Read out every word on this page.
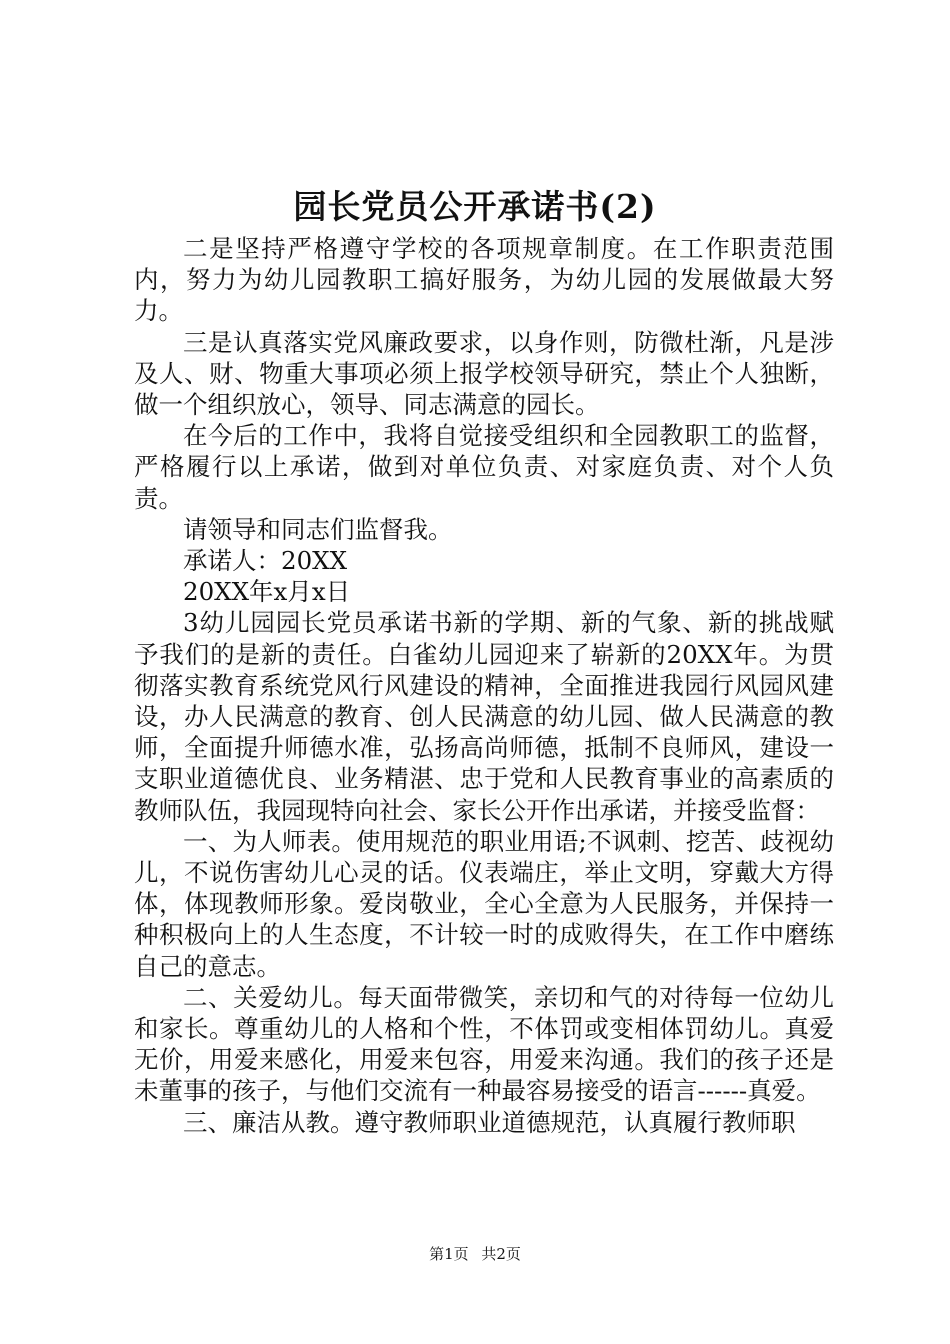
园长党员公开承诺书(2)

二是坚持严格遵守学校的各项规章制度。在工作职责范围内，努力为幼儿园教职工搞好服务，为幼儿园的发展做最大努力。

三是认真落实党风廉政要求，以身作则，防微杜渐，凡是涉及人、财、物重大事项必须上报学校领导研究，禁止个人独断，做一个组织放心，领导、同志满意的园长。

在今后的工作中，我将自觉接受组织和全园教职工的监督，严格履行以上承诺，做到对单位负责、对家庭负责、对个人负责。

请领导和同志们监督我。

承诺人：20XX

20XX年x月x日

3幼儿园园长党员承诺书新的学期、新的气象、新的挑战赋予我们的是新的责任。白雀幼儿园迎来了崭新的20XX年。为贯彻落实教育系统党风行风建设的精神，全面推进我园行风园风建设，办人民满意的教育、创人民满意的幼儿园、做人民满意的教师，全面提升师德水准，弘扬高尚师德，抵制不良师风，建设一支职业道德优良、业务精湛、忠于党和人民教育事业的高素质的教师队伍，我园现特向社会、家长公开作出承诺，并接受监督：

一、为人师表。使用规范的职业用语;不讽刺、挖苦、歧视幼儿，不说伤害幼儿心灵的话。仪表端庄，举止文明，穿戴大方得体，体现教师形象。爱岗敬业，全心全意为人民服务，并保持一种积极向上的人生态度，不计较一时的成败得失，在工作中磨练自己的意志。

二、关爱幼儿。每天面带微笑，亲切和气的对待每一位幼儿和家长。尊重幼儿的人格和个性，不体罚或变相体罚幼儿。真爱无价，用爱来感化，用爱来包容，用爱来沟通。我们的孩子还是未董事的孩子，与他们交流有一种最容易接受的语言------真爱。

三、廉洁从教。遵守教师职业道德规范，认真履行教师职

第1页 共2页
